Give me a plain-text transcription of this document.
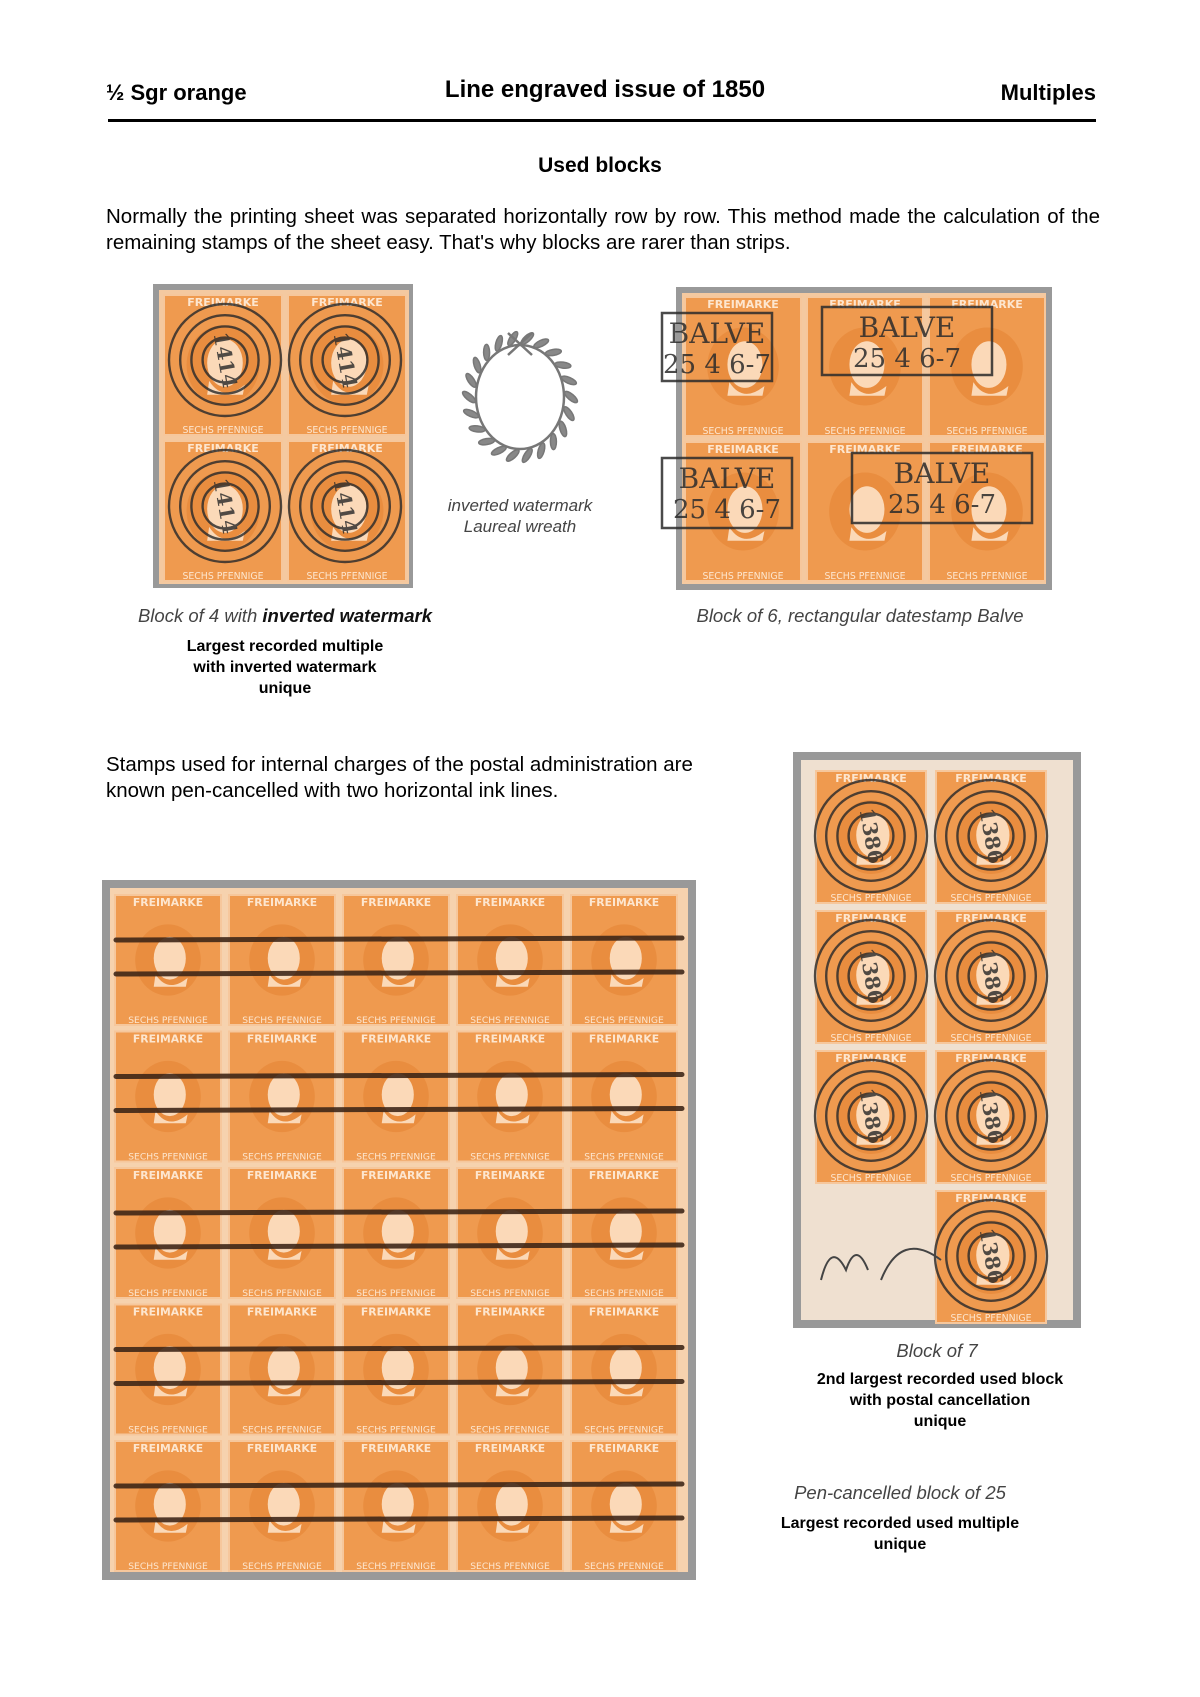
½ Sgr orange	Line engraved issue of 1850	Multiples
Used blocks
Normally the printing sheet was separated horizontally row by row. This method made the calculation of the remaining stamps of the sheet easy. That's why blocks are rarer than strips.
FREIMARKE
SECHS PFENNIGE
FREIMARKE
SECHS PFENNIGE
FREIMARKE
SECHS PFENNIGE
FREIMARKE
SECHS PFENNIGE
1414	1414
1414	1414	inverted watermark
Laureal wreath
FREIMARKE
SECHS PFENNIGE
FREIMARKE
SECHS PFENNIGE
FREIMARKE
SECHS PFENNIGE
FREIMARKE
SECHS PFENNIGE
FREIMARKE
SECHS PFENNIGE
FREIMARKE
SECHS PFENNIGE
BALVE
25 4 6-7
BALVE
25 4 6-7
BALVE
25 4 6-7
BALVE
25 4 6-7
Block of 4 with inverted watermark
Largest recorded multiple
with inverted watermark
unique
Block of 6, rectangular datestamp Balve
Stamps used for internal charges of the postal administration are known pen-cancelled with two horizontal ink lines.
FREIMARKE
SECHS PFENNIGE
FREIMARKE
SECHS PFENNIGE
FREIMARKE
SECHS PFENNIGE
FREIMARKE
SECHS PFENNIGE
FREIMARKE
SECHS PFENNIGE
FREIMARKE
SECHS PFENNIGE
FREIMARKE
SECHS PFENNIGE
1386	1386
1386	1386
1386	1386
1386
Block of 7
2nd largest recorded used block
with postal cancellation
unique
FREIMARKE
SECHS PFENNIGE
FREIMARKE
SECHS PFENNIGE
FREIMARKE
SECHS PFENNIGE
FREIMARKE
SECHS PFENNIGE
FREIMARKE
SECHS PFENNIGE
FREIMARKE
SECHS PFENNIGE
FREIMARKE
SECHS PFENNIGE
FREIMARKE
SECHS PFENNIGE
FREIMARKE
SECHS PFENNIGE
FREIMARKE
SECHS PFENNIGE
FREIMARKE
SECHS PFENNIGE
FREIMARKE
SECHS PFENNIGE
FREIMARKE
SECHS PFENNIGE
FREIMARKE
SECHS PFENNIGE
FREIMARKE
SECHS PFENNIGE
FREIMARKE
SECHS PFENNIGE
FREIMARKE
SECHS PFENNIGE
FREIMARKE
SECHS PFENNIGE
FREIMARKE
SECHS PFENNIGE
FREIMARKE
SECHS PFENNIGE
FREIMARKE
SECHS PFENNIGE
FREIMARKE
SECHS PFENNIGE
FREIMARKE
SECHS PFENNIGE
FREIMARKE
SECHS PFENNIGE
FREIMARKE
SECHS PFENNIGE
Pen-cancelled block of 25
Largest recorded used multiple
unique
